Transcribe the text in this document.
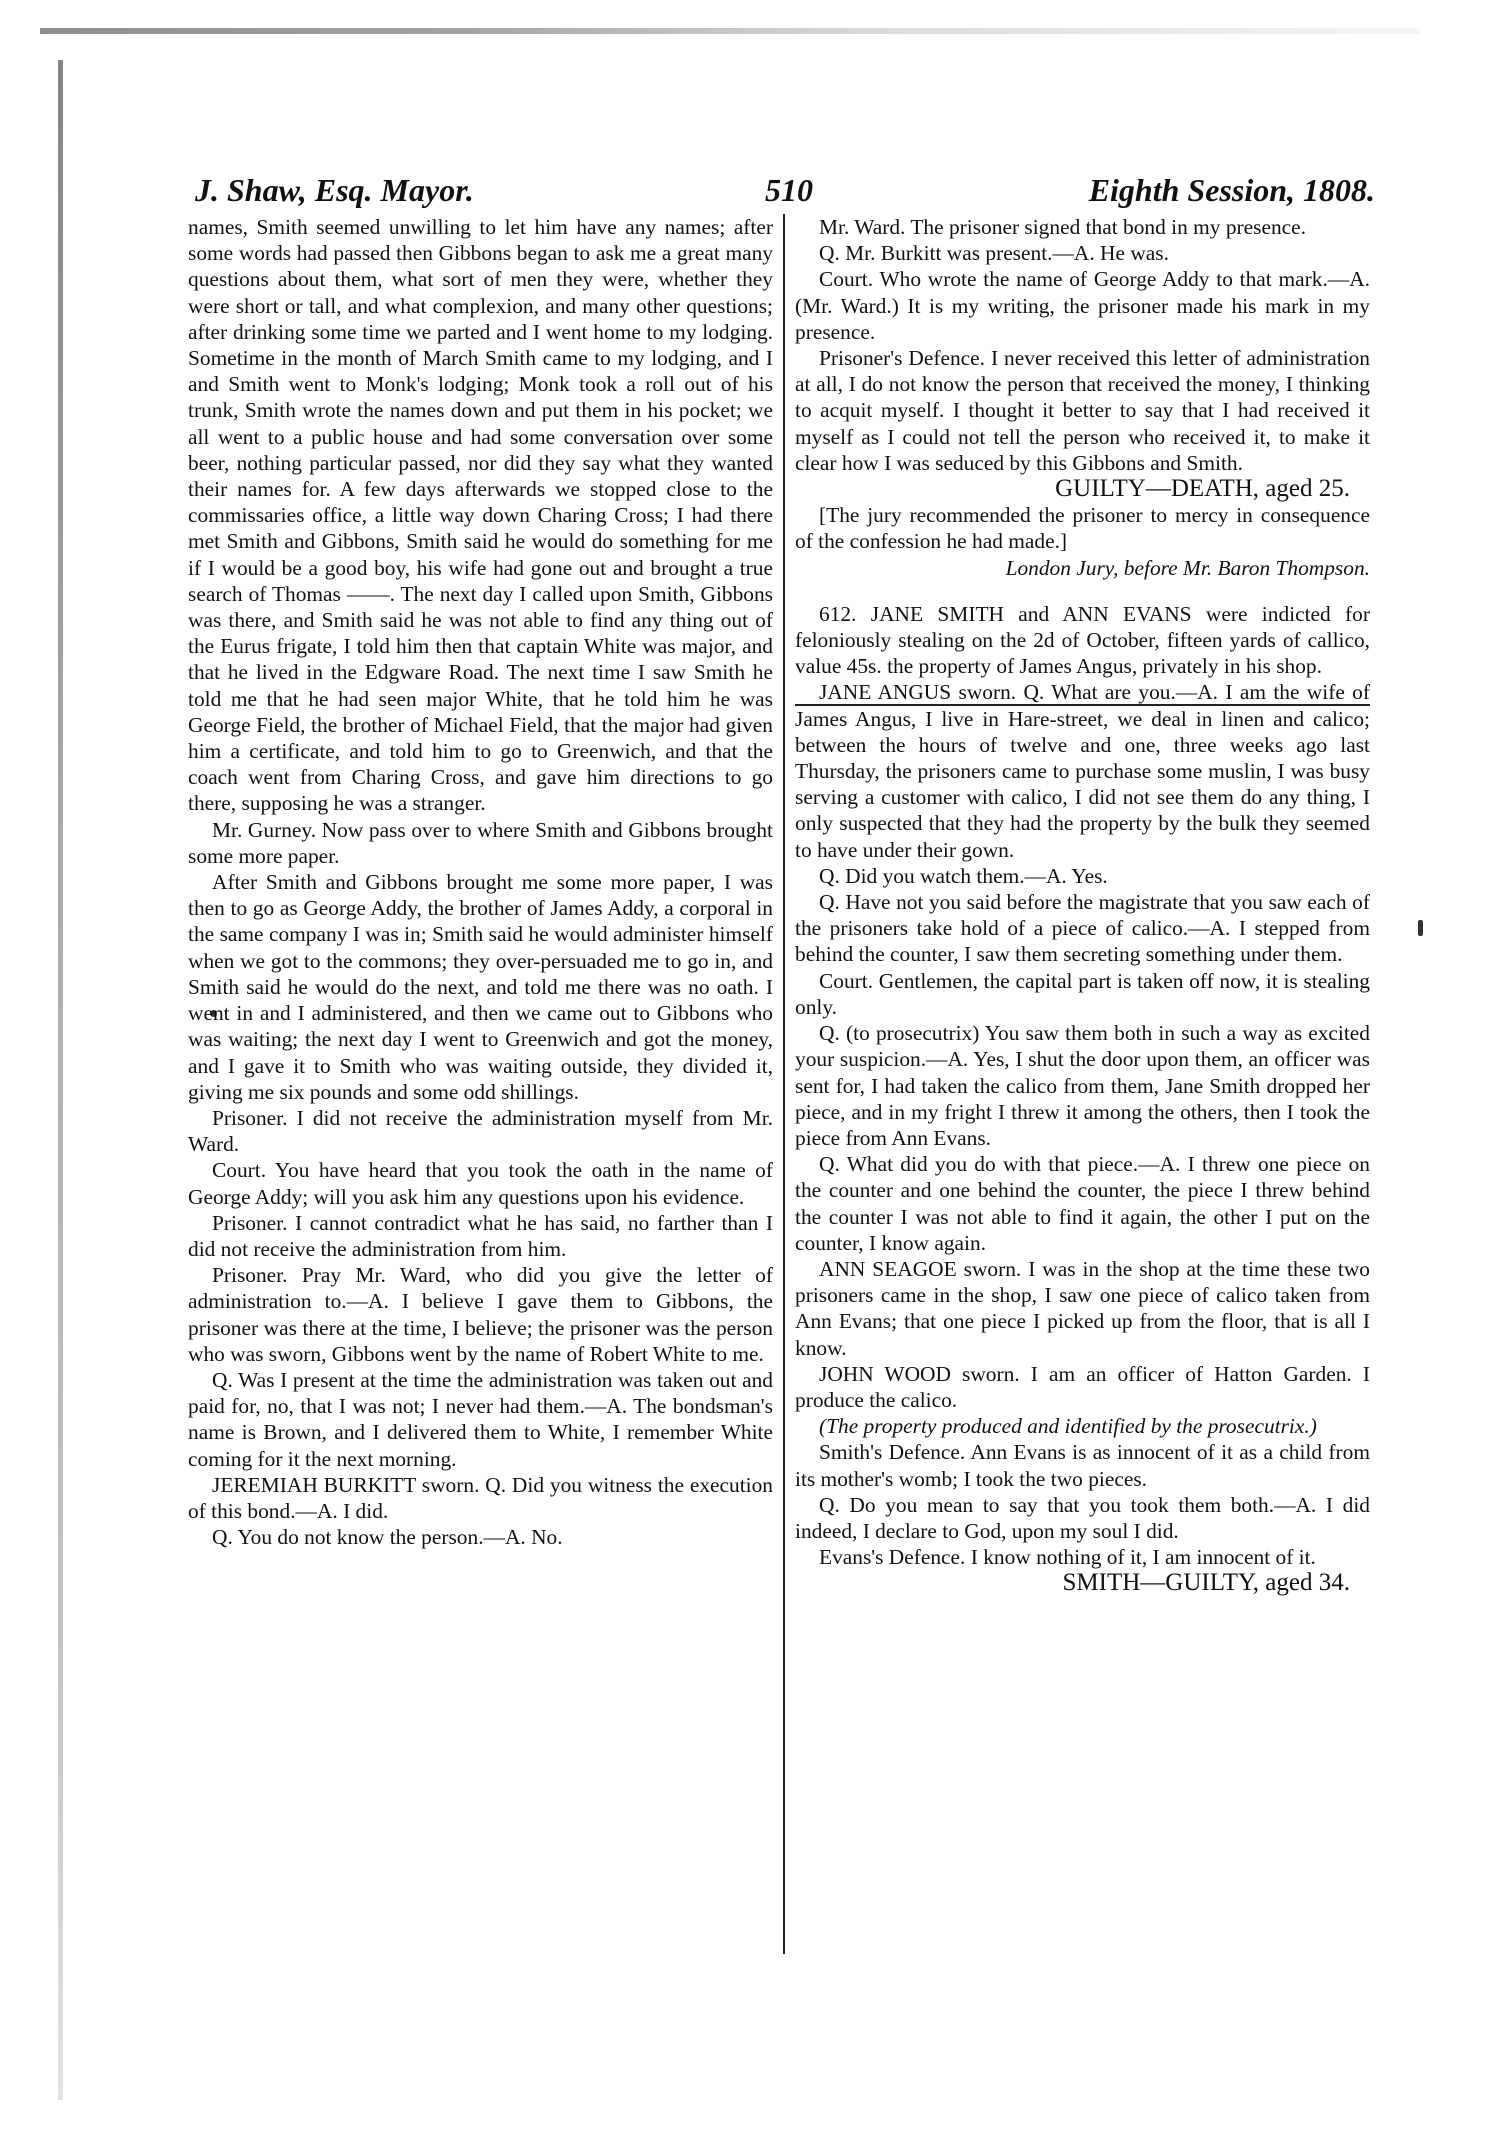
J. Shaw, Esq. Mayor.	510	Eighth Session, 1808.

names, Smith seemed unwilling to let him have any names; after some words had passed then Gibbons began to ask me a great many questions about them, what sort of men they were, whether they were short or tall, and what complexion, and many other questions; after drinking some time we parted and I went home to my lodging. Sometime in the month of March Smith came to my lodging, and I and Smith went to Monk's lodging; Monk took a roll out of his trunk, Smith wrote the names down and put them in his pocket; we all went to a public house and had some conversation over some beer, nothing particular passed, nor did they say what they wanted their names for. A few days afterwards we stopped close to the commissaries office, a little way down Charing Cross; I had there met Smith and Gibbons, Smith said he would do something for me if I would be a good boy, his wife had gone out and brought a true search of Thomas ——. The next day I called upon Smith, Gibbons was there, and Smith said he was not able to find any thing out of the Eurus frigate, I told him then that captain White was major, and that he lived in the Edgware Road. The next time I saw Smith he told me that he had seen major White, that he told him he was George Field, the brother of Michael Field, that the major had given him a certificate, and told him to go to Greenwich, and that the coach went from Charing Cross, and gave him directions to go there, supposing he was a stranger.

Mr. Gurney. Now pass over to where Smith and Gibbons brought some more paper.

After Smith and Gibbons brought me some more paper, I was then to go as George Addy, the brother of James Addy, a corporal in the same company I was in; Smith said he would administer himself when we got to the commons; they over-persuaded me to go in, and Smith said he would do the next, and told me there was no oath. I went in and I administered, and then we came out to Gibbons who was waiting; the next day I went to Greenwich and got the money, and I gave it to Smith who was waiting outside, they divided it, giving me six pounds and some odd shillings.

Prisoner. I did not receive the administration myself from Mr. Ward.

Court. You have heard that you took the oath in the name of George Addy; will you ask him any questions upon his evidence.

Prisoner. I cannot contradict what he has said, no farther than I did not receive the administration from him.

Prisoner. Pray Mr. Ward, who did you give the letter of administration to.—A. I believe I gave them to Gibbons, the prisoner was there at the time, I believe; the prisoner was the person who was sworn, Gibbons went by the name of Robert White to me.

Q. Was I present at the time the administration was taken out and paid for, no, that I was not; I never had them.—A. The bondsman's name is Brown, and I delivered them to White, I remember White coming for it the next morning.

JEREMIAH BURKITT sworn. Q. Did you witness the execution of this bond.—A. I did.

Q. You do not know the person.—A. No.

Mr. Ward. The prisoner signed that bond in my presence.

Q. Mr. Burkitt was present.—A. He was.

Court. Who wrote the name of George Addy to that mark.—A. (Mr. Ward.) It is my writing, the prisoner made his mark in my presence.

Prisoner's Defence. I never received this letter of administration at all, I do not know the person that received the money, I thinking to acquit myself. I thought it better to say that I had received it myself as I could not tell the person who received it, to make it clear how I was seduced by this Gibbons and Smith.

GUILTY—DEATH, aged 25.

[The jury recommended the prisoner to mercy in consequence of the confession he had made.]

London Jury, before Mr. Baron Thompson.

612. JANE SMITH and ANN EVANS were indicted for feloniously stealing on the 2d of October, fifteen yards of callico, value 45s. the property of James Angus, privately in his shop.

JANE ANGUS sworn. Q. What are you.—A. I am the wife of James Angus, I live in Hare-street, we deal in linen and calico; between the hours of twelve and one, three weeks ago last Thursday, the prisoners came to purchase some muslin, I was busy serving a customer with calico, I did not see them do any thing, I only suspected that they had the property by the bulk they seemed to have under their gown.

Q. Did you watch them.—A. Yes.

Q. Have not you said before the magistrate that you saw each of the prisoners take hold of a piece of calico.—A. I stepped from behind the counter, I saw them secreting something under them.

Court. Gentlemen, the capital part is taken off now, it is stealing only.

Q. (to prosecutrix) You saw them both in such a way as excited your suspicion.—A. Yes, I shut the door upon them, an officer was sent for, I had taken the calico from them, Jane Smith dropped her piece, and in my fright I threw it among the others, then I took the piece from Ann Evans.

Q. What did you do with that piece.—A. I threw one piece on the counter and one behind the counter, the piece I threw behind the counter I was not able to find it again, the other I put on the counter, I know again.

ANN SEAGOE sworn. I was in the shop at the time these two prisoners came in the shop, I saw one piece of calico taken from Ann Evans; that one piece I picked up from the floor, that is all I know.

JOHN WOOD sworn. I am an officer of Hatton Garden. I produce the calico.

(The property produced and identified by the prosecutrix.)

Smith's Defence. Ann Evans is as innocent of it as a child from its mother's womb; I took the two pieces.

Q. Do you mean to say that you took them both.—A. I did indeed, I declare to God, upon my soul I did.

Evans's Defence. I know nothing of it, I am innocent of it.

SMITH—GUILTY, aged 34.
